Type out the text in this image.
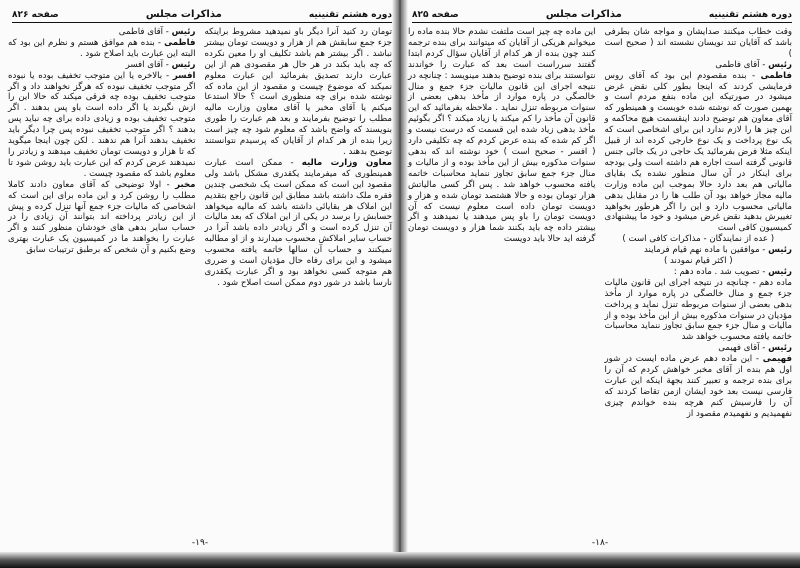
دوره هشتم تقنینیه
مذاکرات مجلس
صفحه ۸۲۶

تومان رد کنید آنرا دیگر باو نمیدهید مشروط براینکه جزء جمع سابقش هم از هزار و دویست تومان بیشتر نباشد . اگر بیشتر هم باشد تکلیف او را معین نکرده که چه باید بکند در هر حال هر مقصودی هم از این عبارت دارند تصدیق بفرمائید این عبارت معلوم نمیکند که موضوع چیست و مقصود از این ماده که نوشته شده برای چه منظوری است ؟ حالا استدعا میکنم یا آقای مخبر یا آقای معاون وزارت مالیه مطلب را توضیح بفرمایند و بعد هم عبارت را طوری بنویسند که واضح باشد که معلوم شود چه چیز است زیرا بنده از هر کدام از آقایان که پرسیدم نتوانستند توضیح بدهند .

معاون وزارت مالیه - ممکن است عبارت همینطوری که میفرمایند یکقدری مشکل باشد ولی مقصود این است که ممکن است یک شخصی چندین فقره ملک داشته باشد مطابق این قانون راجع بتقدیم این املاک هر بقایائی داشته باشد که مالیه میخواهد حسابش را برسد در یکی از این املاک که بعد مالیات آن تنزل کرده است و اگر زیادتر داده باشد آنرا در حساب سایر املاکش محسوب میدارند و از او مطالبه نمیکنند و حساب آن سالها خاتمه یافته محسوب میشود و این برای رفاه حال مؤدیان است و ضرری هم متوجه کسی نخواهد بود و اگر عبارت یکقدری نارسا باشد در شور دوم ممکن است اصلاح شود .

رئیس - آقای فاطمی

فاطمی - بنده هم موافق هستم و نظرم این بود که البته این عبارت باید اصلاح شود .

رئیس - آقای افسر

افسر - بالاخره یا این متوجب تخفیف بوده یا نبوده اگر متوجب تخفیف نبوده که هرگز نخواهند داد و اگر متوجب تخفیف بوده چه فرقی میکند که حالا این را ازش نگیرند یا اگر داده است باو پس بدهند . اگر متوجب تخفیف بوده و زیادی داده برای چه نباید پس بدهند ؟ اگر متوجب تخفیف نبوده پس چرا دیگر باید تخفیف بدهند آنرا هم ندهند . لکن چون اینجا میگوید که تا هزار و دویست تومان تخفیف میدهند و زیادتر را نمیدهند عرض کردم که این عبارت باید روشن شود تا معلوم باشد که مقصود چیست .

مخبر - اولا توضیحی که آقای معاون دادند کاملا مطلب را روشن کرد و این ماده برای این است که اشخاصی که مالیات جزء جمع آنها تنزل کرده و پیش از این زیادتر پرداخته اند بتوانند آن زیادی را در حساب سایر بدهی های خودشان منظور کنند و اگر عبارت را بخواهند ما در کمیسیون یک عبارت بهتری وضع بکنیم و آن شخص که برطبق ترتیبات سابق

-۱۹-
دوره هشتم تقنینیه
مذاکرات مجلس
صفحه ۸۲۵

این ماده چه چیز است ملتفت نشدم حالا بنده ماده را میخوانم هریکی از آقایان که میتوانند برای بنده ترجمه کنند چون بنده از هر کدام از آقایان سؤال کردم ابتدا گفتند سرراست است بعد که عبارت را خواندند نتوانستند برای بنده توضیح بدهند مینویسد : چنانچه در نتیجه اجرای این قانون مالیات جزء جمع و منال خالصگی در پاره موارد از مأخذ بدهی بعضی از سنوات مربوطه تنزل نماید . ملاحظه بفرمائید که این قانون آن مأخذ را کم میکند یا زیاد میکند ؟ اگر بگوئیم مأخذ بدهی زیاد شده این قسمت که درست نیست و اگر کم شده که بنده عرض کردم که چه تکلیفی دارد ( افسر - صحیح است ) خود نوشته اند که بدهی سنوات مذکوره بیش از این مأخذ بوده و از مالیات و منال جزء جمع سابق تجاوز ننماید محاسبات خاتمه یافته محسوب خواهد شد . پس اگر کسی مالیاتش هزار تومان بوده و حالا هشتصد تومان شده و هزار و دویست تومان داده است معلوم نیست که آن دویست تومان را باو پس میدهند یا نمیدهند و اگر بیشتر داده چه باید بکنند شما هزار و دویست تومان گرفته اید حالا باید دویست

وقت خطاب میکنند صدایشان و مواجه شان بطرفی باشد که آقایان تند نویسان نشسته اند ( صحیح است )

رئیس - آقای فاطمی

فاطمی - بنده مقصودم این بود که آقای روس فرمایشی کردند که اینجا بطور کلی نقض غرض میشود در صورتیکه این ماده بنفع مردم است و بهمین صورت که نوشته شده خوبست و همینطور که آقای معاون هم توضیح دادند اینقسمت هیچ محاکمه و این چیز ها را لازم ندارد این برای اشخاصی است که یک نوع پرداخت و یک نوع خارجی کرده اند از قبیل اینکه مثلا فرض بفرمائید یک حاجی در یک جائی جنس قانونی گرفته است اجاره هم داشته است ولی بودجه برای اینکار در آن سال منظور نشده یک بقایای مالیاتی هم بعد دارد حالا بموجب این ماده وزارت مالیه مجاز خواهد بود آن طلب ها را در مقابل بدهی مالیاتی محسوب دارد و این را اگر هرطور بخواهید تغییرش بدهید نقض غرض میشود و خود ما پیشنهادی کمیسیون کافی است

( عده از نمایندگان - مذاکرات کافی است )

رئیس - موافقین با ماده نهم قیام فرمایند

( اکثر قیام نمودند )

رئیس - تصویب شد . ماده دهم :

ماده دهم - چنانچه در نتیجه اجرای این قانون مالیات جزء جمع و منال خالصگی در پاره موارد از مأخذ بدهی بعضی از سنوات مربوطه تنزل نماید و پرداخت مؤدیان در سنوات مذکوره بیش از این مأخذ بوده و از مالیات و منال جزء جمع سابق تجاوز ننماید محاسبات خاتمه یافته محسوب خواهد شد

رئیس - آقای فهیمی

فهیمی - این ماده دهم عرض ماده ایست در شور اول هم بنده از آقای مخبر خواهش کردم که آن را برای بنده ترجمه و تعبیر کنند بجهة اینکه این عبارت فارسی نیست بعد خود ایشان ازمن تقاضا کردند که آن را فارسیش کنم هرچه بنده خواندم چیزی نفهمیدیم و نفهمیدم مقصود از

-۱۸-
